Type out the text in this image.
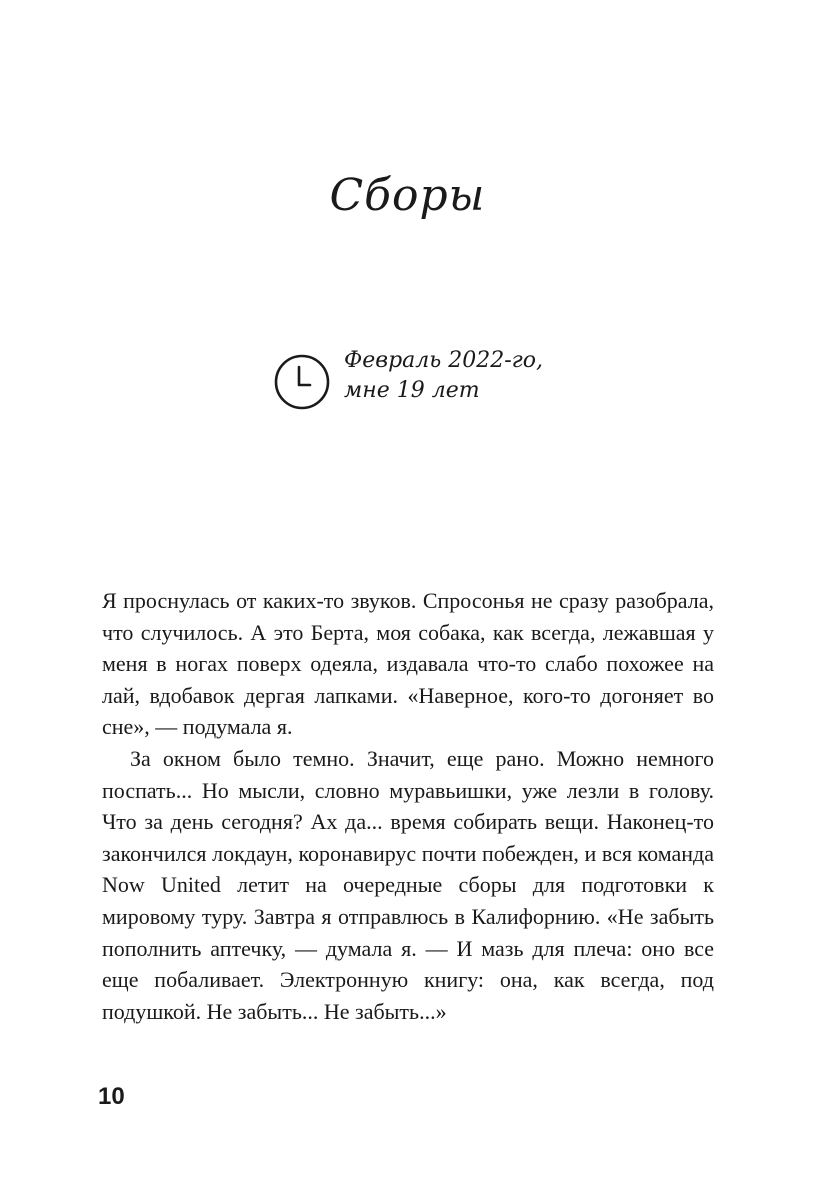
Сборы
Февраль 2022-го,
мне 19 лет

Я проснулась от каких-то звуков. Спросонья не сразу разобрала, что случилось. А это Берта, моя собака, как всегда, лежавшая у меня в ногах поверх одеяла, издавала что-то слабо похожее на лай, вдобавок дергая лапками. «Наверное, кого-то догоняет во сне», — подумала я.

За окном было темно. Значит, еще рано. Можно немного поспать... Но мысли, словно муравьишки, уже лезли в голову. Что за день сегодня? Ах да... время собирать вещи. Наконец-то закончился локдаун, коронавирус почти побежден, и вся команда Now United летит на очередные сборы для подготовки к мировому туру. Завтра я отправлюсь в Калифорнию. «Не забыть пополнить аптечку, — думала я. — И мазь для плеча: оно все еще побаливает. Электронную книгу: она, как всегда, под подушкой. Не забыть... Не забыть...»

10
